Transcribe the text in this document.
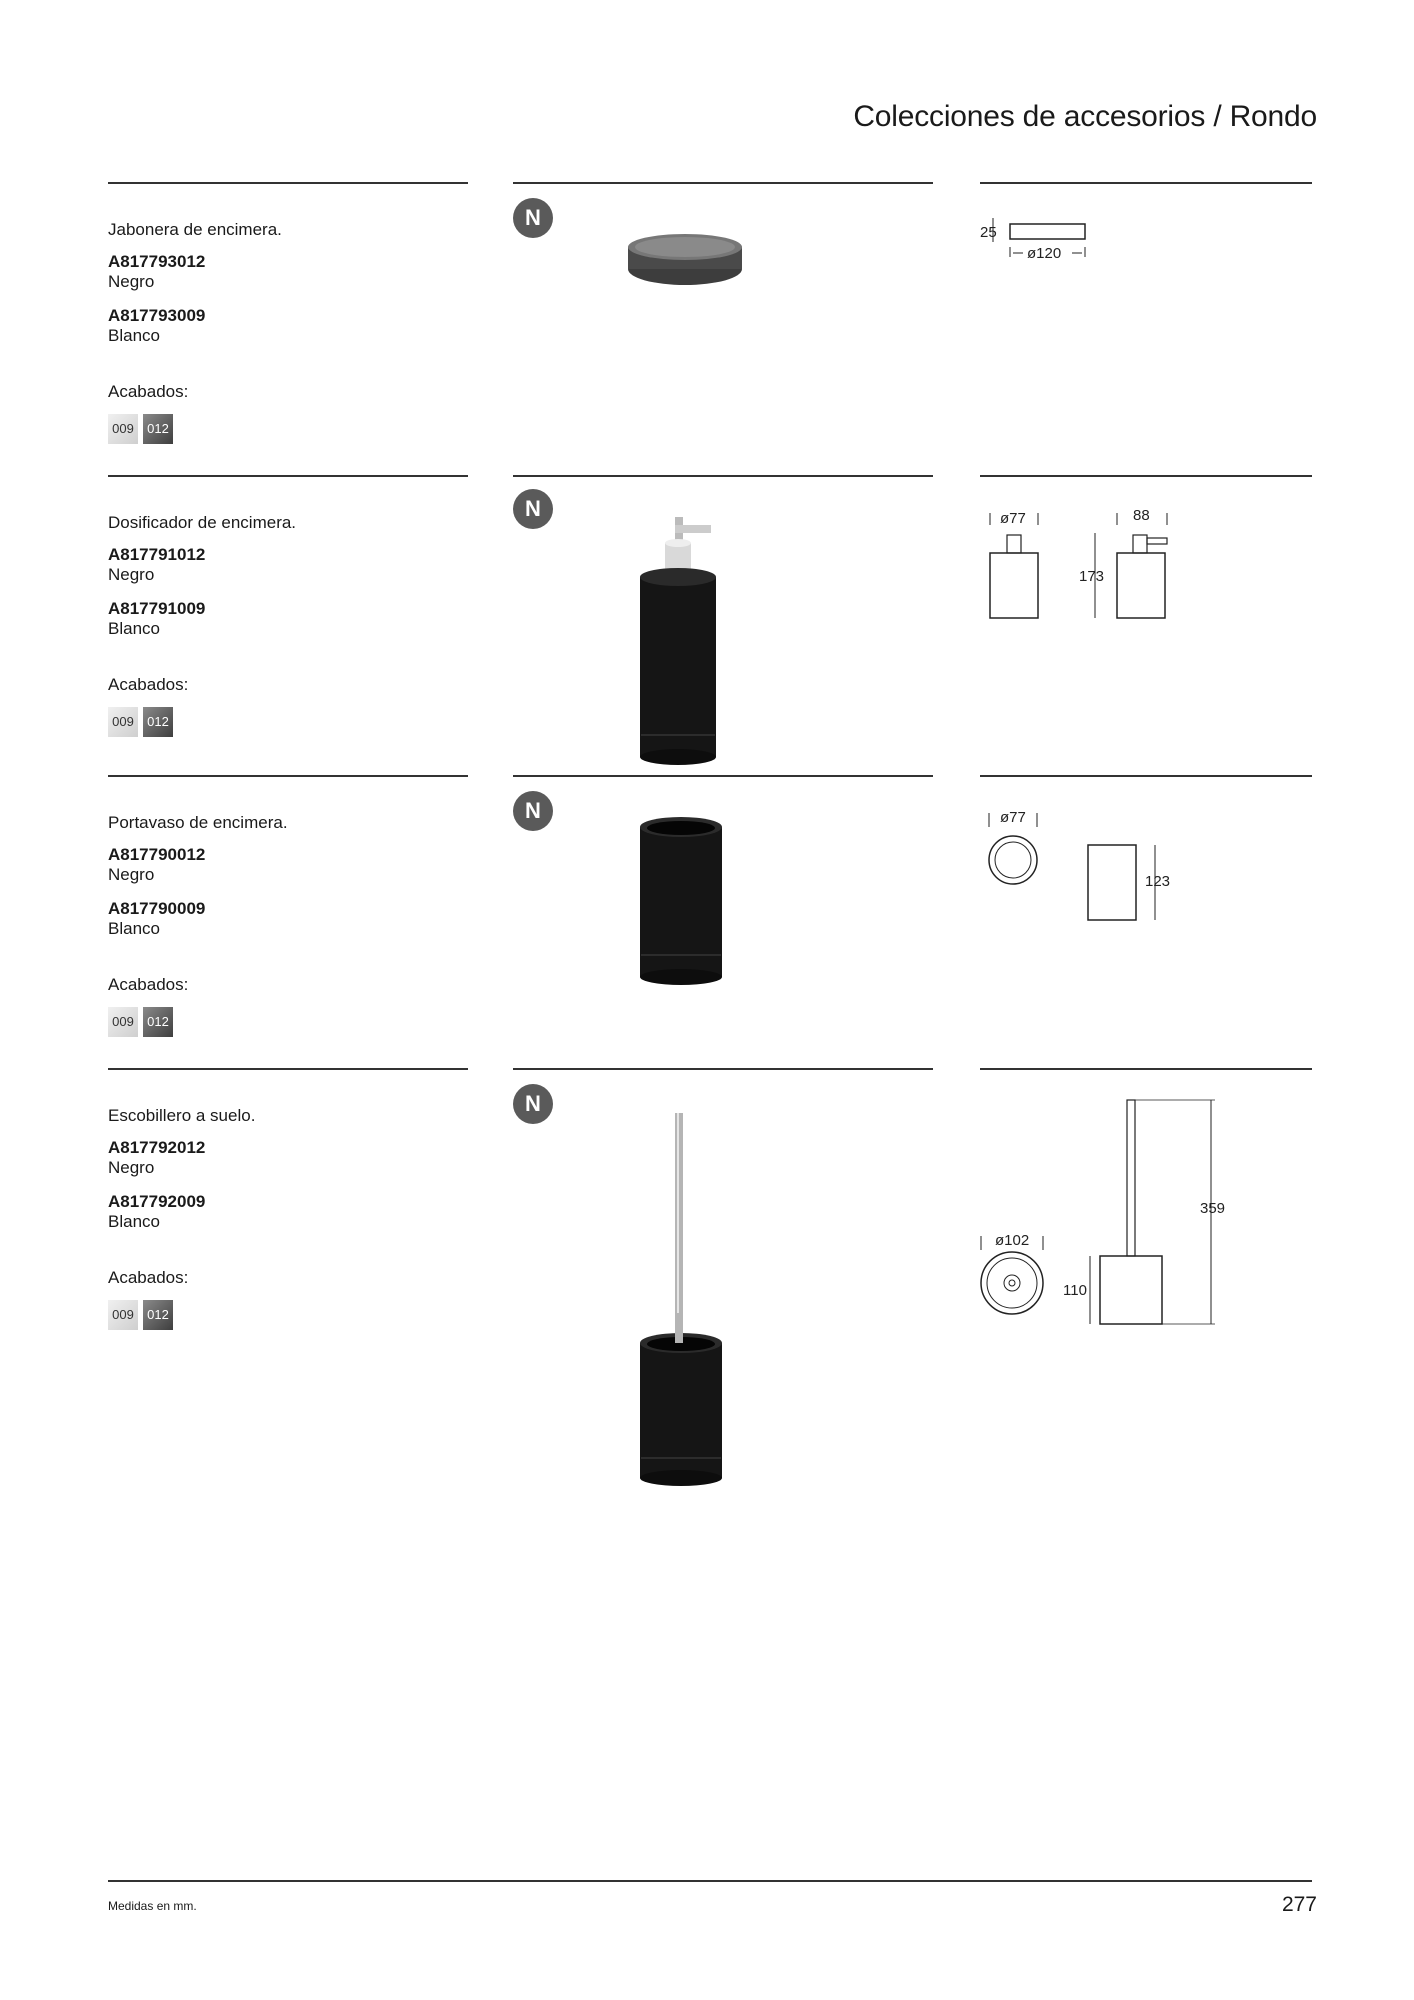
Colecciones de accesorios / Rondo

Jabonera de encimera.

A817793012

Negro

A817793009

Blanco

Acabados:
009	012
N
25
ø120

Dosificador de encimera.

A817791012

Negro

A817791009

Blanco

Acabados:
009	012
N	ø77	88
173

Portavaso de encimera.

A817790012

Negro

A817790009

Blanco

Acabados:
009	012
N	ø77
123

Escobillero a suelo.

A817792012

Negro

A817792009

Blanco

Acabados:
009	012
N
ø102
359
110
Medidas en mm.	277
